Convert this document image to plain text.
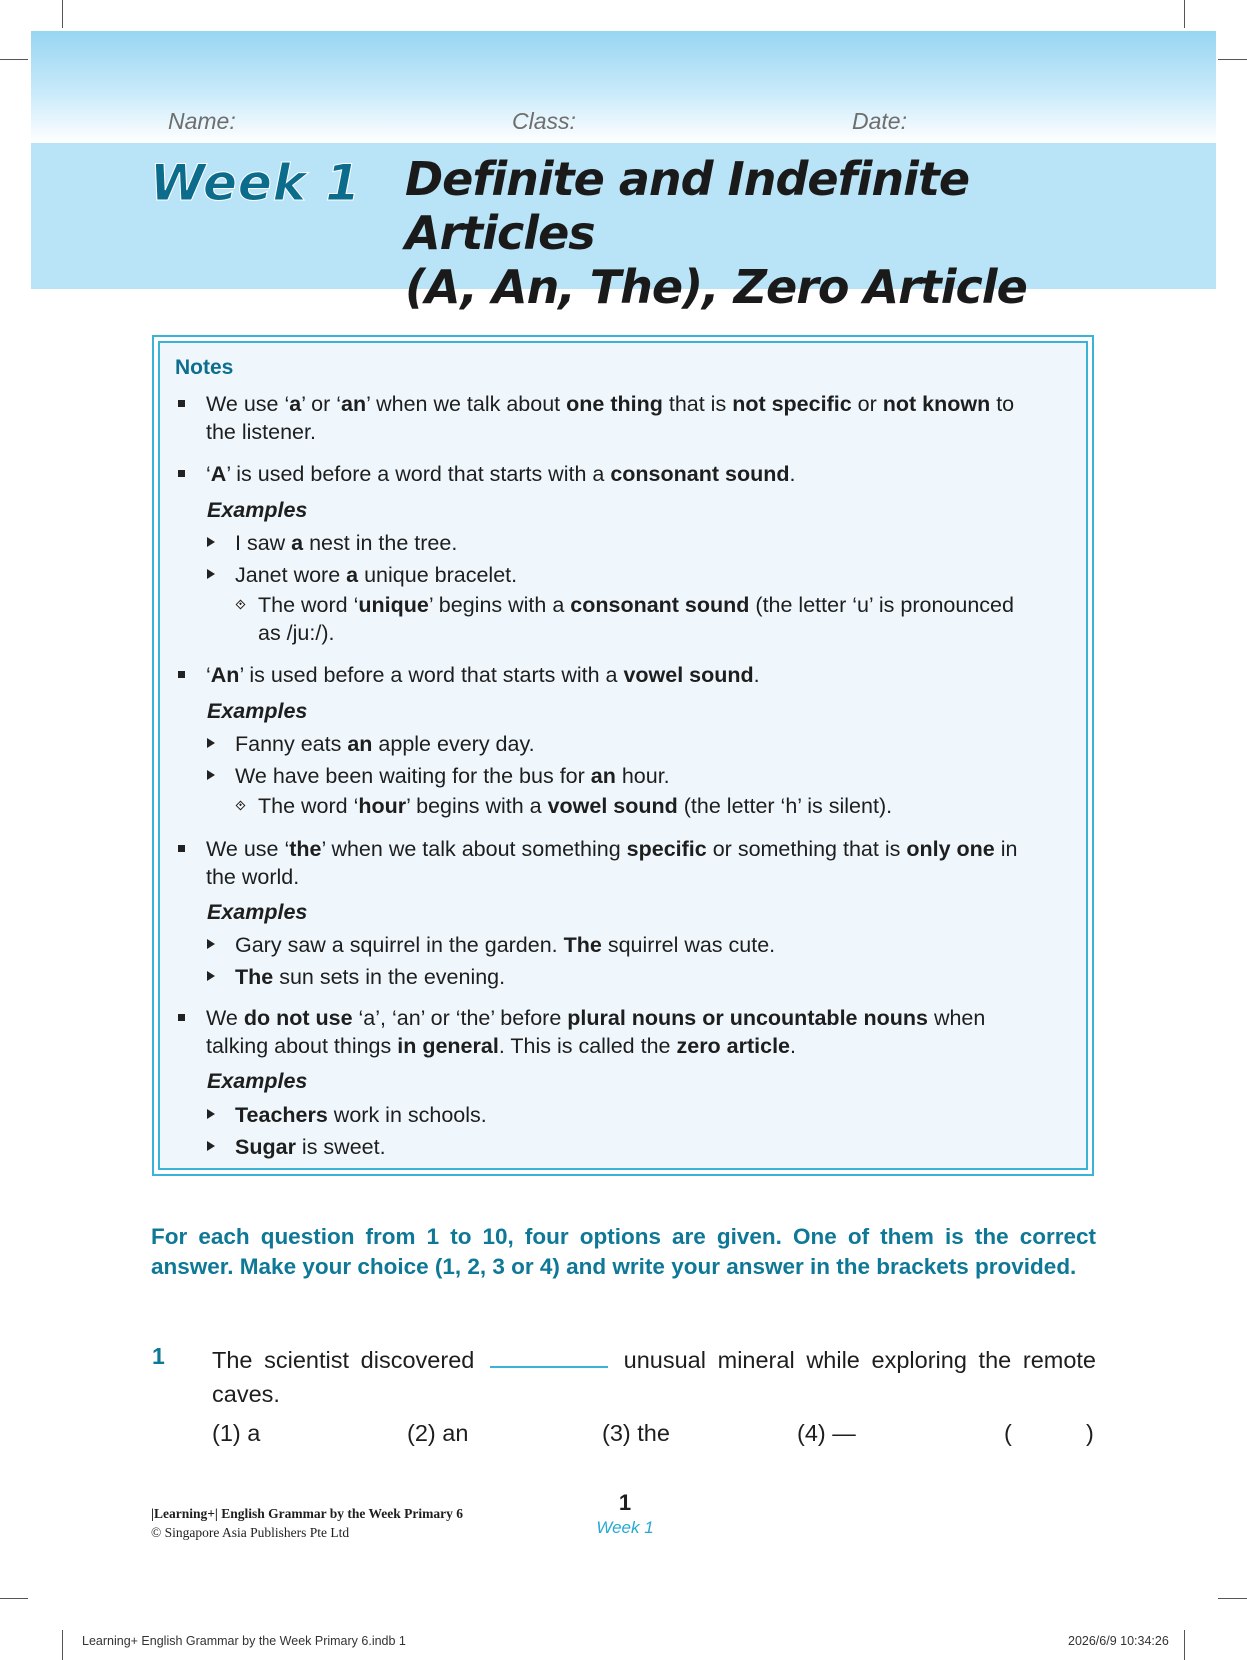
Name:	Class:	Date:
Week 1 Definite and Indefinite Articles
(A, An, The), Zero Article
Notes
We use ‘a’ or ‘an’ when we talk about one thing that is not specific or not known to
the listener.
‘A’ is used before a word that starts with a consonant sound.
Examples
I saw a nest in the tree.
Janet wore a unique bracelet.
The word ‘unique’ begins with a consonant sound (the letter ‘u’ is pronounced
as /ju:/).
‘An’ is used before a word that starts with a vowel sound.
Examples
Fanny eats an apple every day.
We have been waiting for the bus for an hour.
The word ‘hour’ begins with a vowel sound (the letter ‘h’ is silent).
We use ‘the’ when we talk about something specific or something that is only one in
the world.
Examples
Gary saw a squirrel in the garden. The squirrel was cute.
The sun sets in the evening.
We do not use ‘a’, ‘an’ or ‘the’ before plural nouns or uncountable nouns when
talking about things in general. This is called the zero article.
Examples
Teachers work in schools.
Sugar is sweet.
For each question from 1 to 10, four options are given. One of them is the correct answer. Make your choice (1, 2, 3 or 4) and write your answer in the brackets provided.
1 The scientist discovered	unusual mineral while exploring the remote caves.
(1) a	(2) an	(3) the	(4) —	(	)
|Learning+| English Grammar by the Week Primary 6
© Singapore Asia Publishers Pte Ltd
1
Week 1
Learning+ English Grammar by the Week Primary 6.indb 1	2026/6/9 10:34:26
